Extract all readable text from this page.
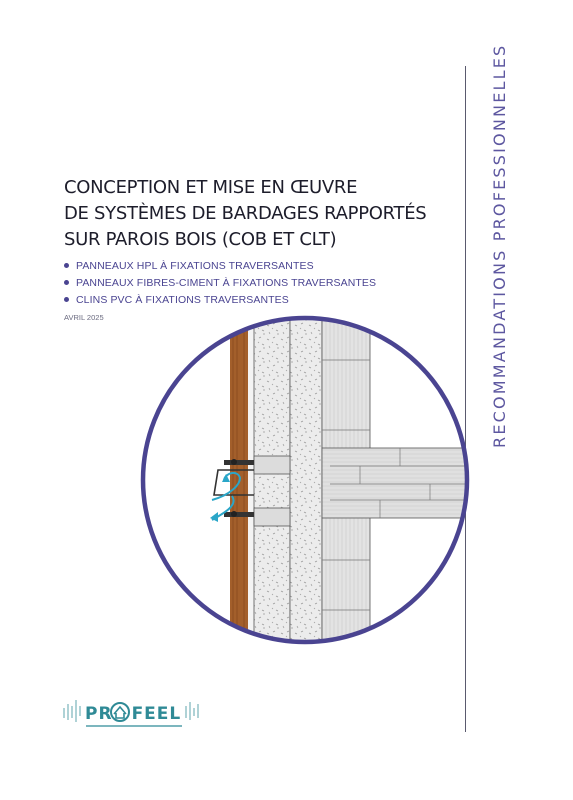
CONCEPTION ET MISE EN ŒUVRE
DE SYSTÈMES DE BARDAGES RAPPORTÉS
SUR PAROIS BOIS (COB ET CLT)
PANNEAUX HPL À FIXATIONS TRAVERSANTES
PANNEAUX FIBRES-CIMENT À FIXATIONS TRAVERSANTES
CLINS PVC À FIXATIONS TRAVERSANTES
AVRIL 2025	RECOMMANDATIONS PROFESSIONNELLES
PR FEEL
